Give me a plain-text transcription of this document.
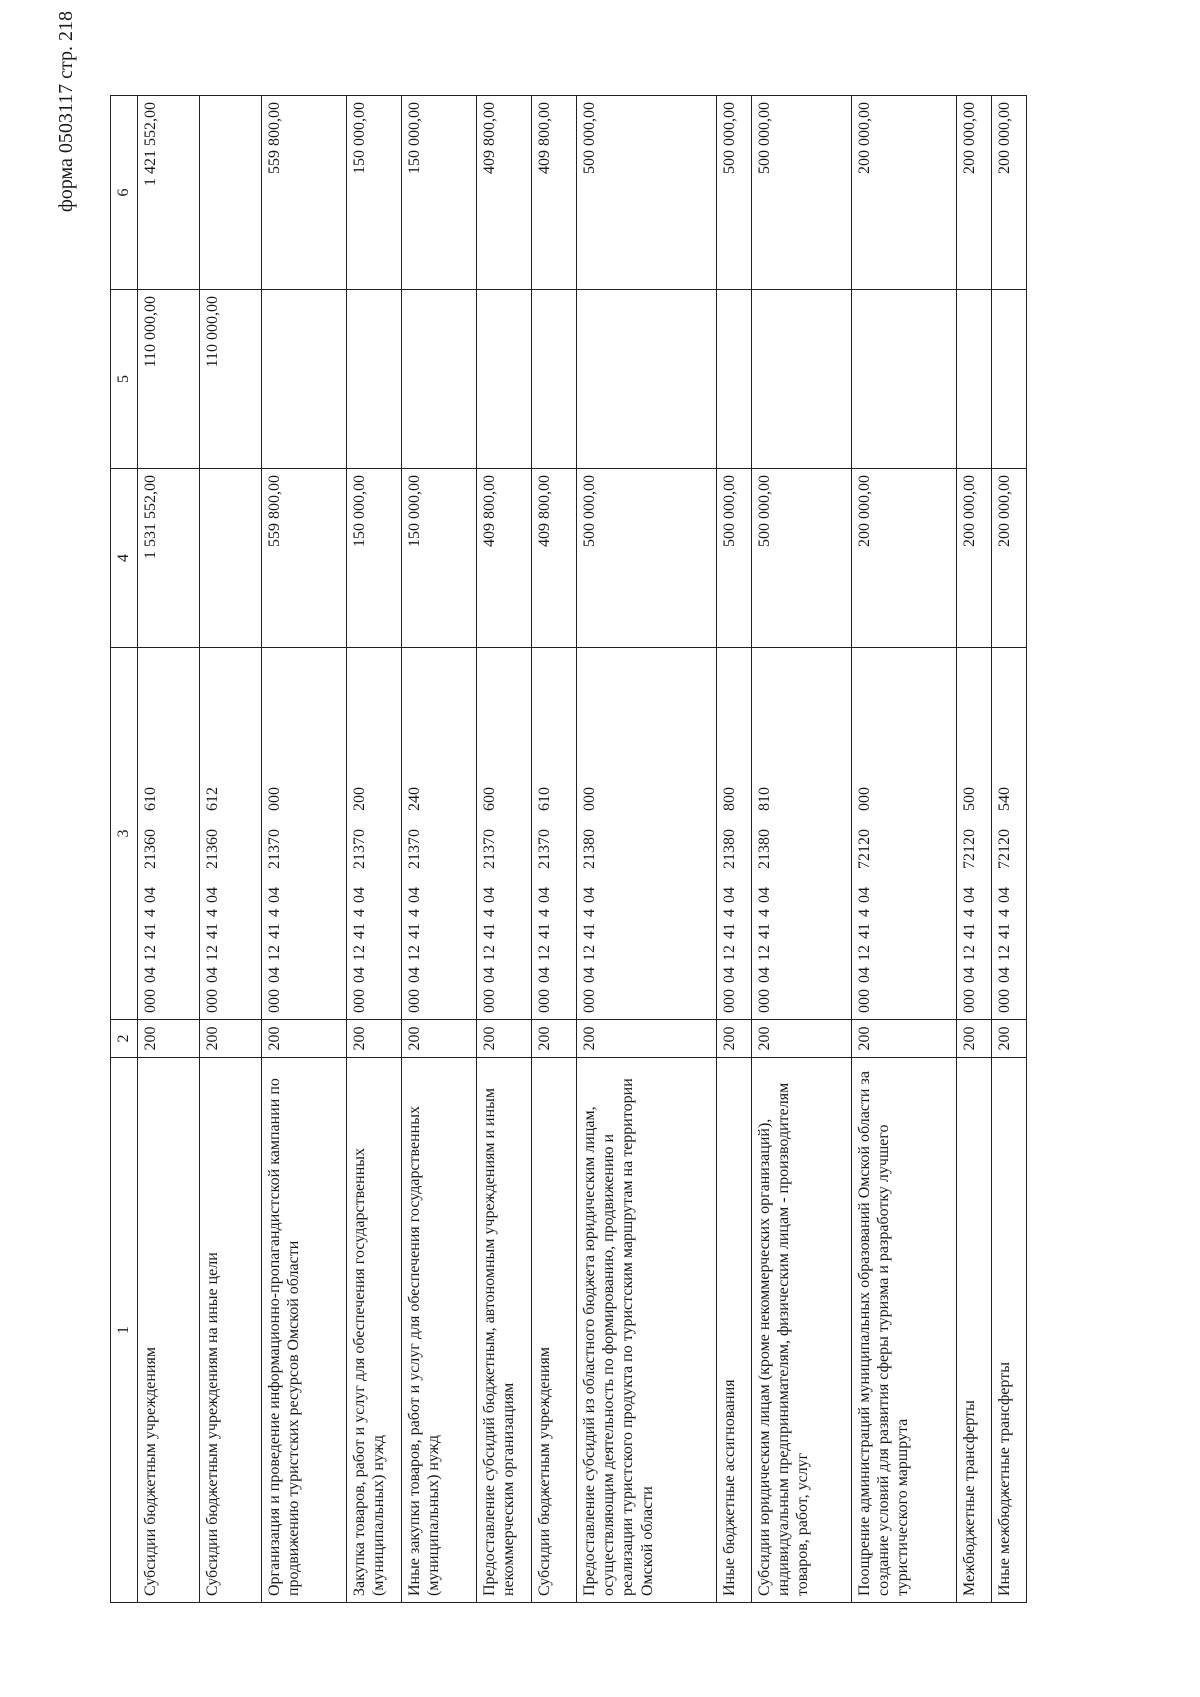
форма 0503117 стр. 218
1	2	3	4	5	6
Субсидии бюджетным учреждениям	200	000 04 12 41 4 04   21360   610	1 531 552,00	110 000,00	1 421 552,00
Субсидии бюджетным учреждениям на иные цели	200	000 04 12 41 4 04   21360   612		110 000,00	
Организация и проведение информационно-пропагандистской кампании по продвижению туристских ресурсов Омской области	200	000 04 12 41 4 04   21370   000	559 800,00		559 800,00
Закупка товаров, работ и услуг для обеспечения государственных (муниципальных) нужд	200	000 04 12 41 4 04   21370   200	150 000,00		150 000,00
Иные закупки товаров, работ и услуг для обеспечения государственных (муниципальных) нужд	200	000 04 12 41 4 04   21370   240	150 000,00		150 000,00
Предоставление субсидий бюджетным, автономным учреждениям и иным некоммерческим организациям	200	000 04 12 41 4 04   21370   600	409 800,00		409 800,00
Субсидии бюджетным учреждениям	200	000 04 12 41 4 04   21370   610	409 800,00		409 800,00
Предоставление субсидий из областного бюджета юридическим лицам, осуществляющим деятельность по формированию, продвижению и реализации туристского продукта по туристским маршрутам на территории Омской области	200	000 04 12 41 4 04   21380   000	500 000,00		500 000,00
Иные бюджетные ассигнования	200	000 04 12 41 4 04   21380   800	500 000,00		500 000,00
Субсидии юридическим лицам (кроме некоммерческих организаций), индивидуальным предпринимателям, физическим лицам - производителям товаров, работ, услуг	200	000 04 12 41 4 04   21380   810	500 000,00		500 000,00
Поощрение администраций муниципальных образований Омской области за создание условий для развития сферы туризма и разработку лучшего туристического маршрута	200	000 04 12 41 4 04   72120   000	200 000,00		200 000,00
Межбюджетные трансферты	200	000 04 12 41 4 04   72120   500	200 000,00		200 000,00
Иные межбюджетные трансферты	200	000 04 12 41 4 04   72120   540	200 000,00		200 000,00
